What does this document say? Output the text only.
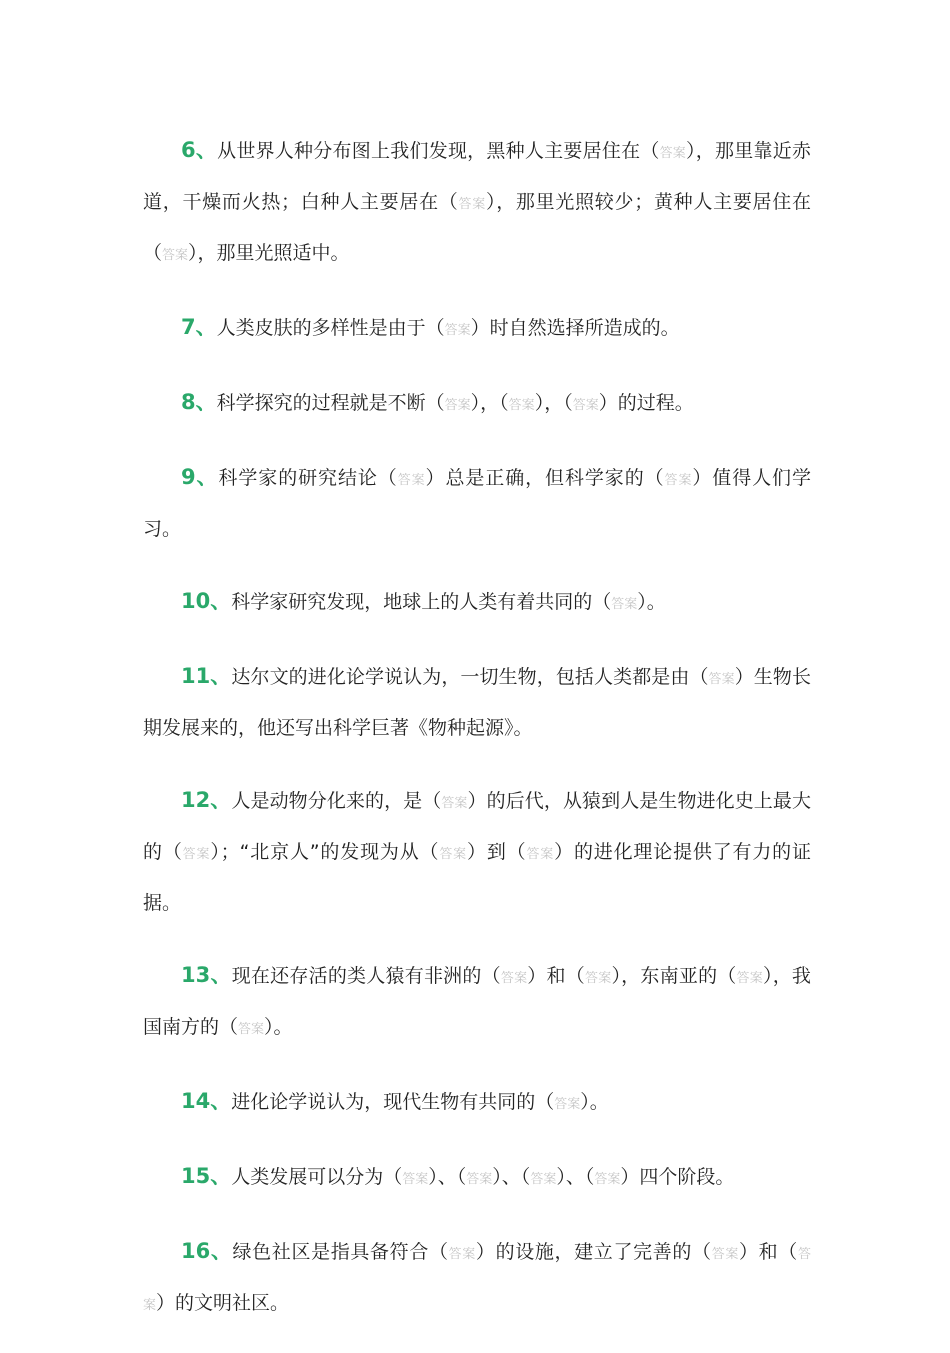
6、从世界人种分布图上我们发现，黑种人主要居住在（答案），那里靠近赤道，干燥而火热；白种人主要居在（答案），那里光照较少；黄种人主要居住在（答案），那里光照适中。

7、人类皮肤的多样性是由于（答案）时自然选择所造成的。

8、科学探究的过程就是不断（答案），（答案），（答案）的过程。

9、科学家的研究结论（答案）总是正确，但科学家的（答案）值得人们学习。

10、科学家研究发现，地球上的人类有着共同的（答案）。

11、达尔文的进化论学说认为，一切生物，包括人类都是由（答案）生物长期发展来的，他还写出科学巨著《物种起源》。

12、人是动物分化来的，是（答案）的后代，从猿到人是生物进化史上最大的（答案）；“北京人”的发现为从（答案）到（答案）的进化理论提供了有力的证据。

13、现在还存活的类人猿有非洲的（答案）和（答案），东南亚的（答案），我国南方的（答案）。

14、进化论学说认为，现代生物有共同的（答案）。

15、人类发展可以分为（答案）、（答案）、（答案）、（答案）四个阶段。

16、绿色社区是指具备符合（答案）的设施，建立了完善的（答案）和（答案）的文明社区。
